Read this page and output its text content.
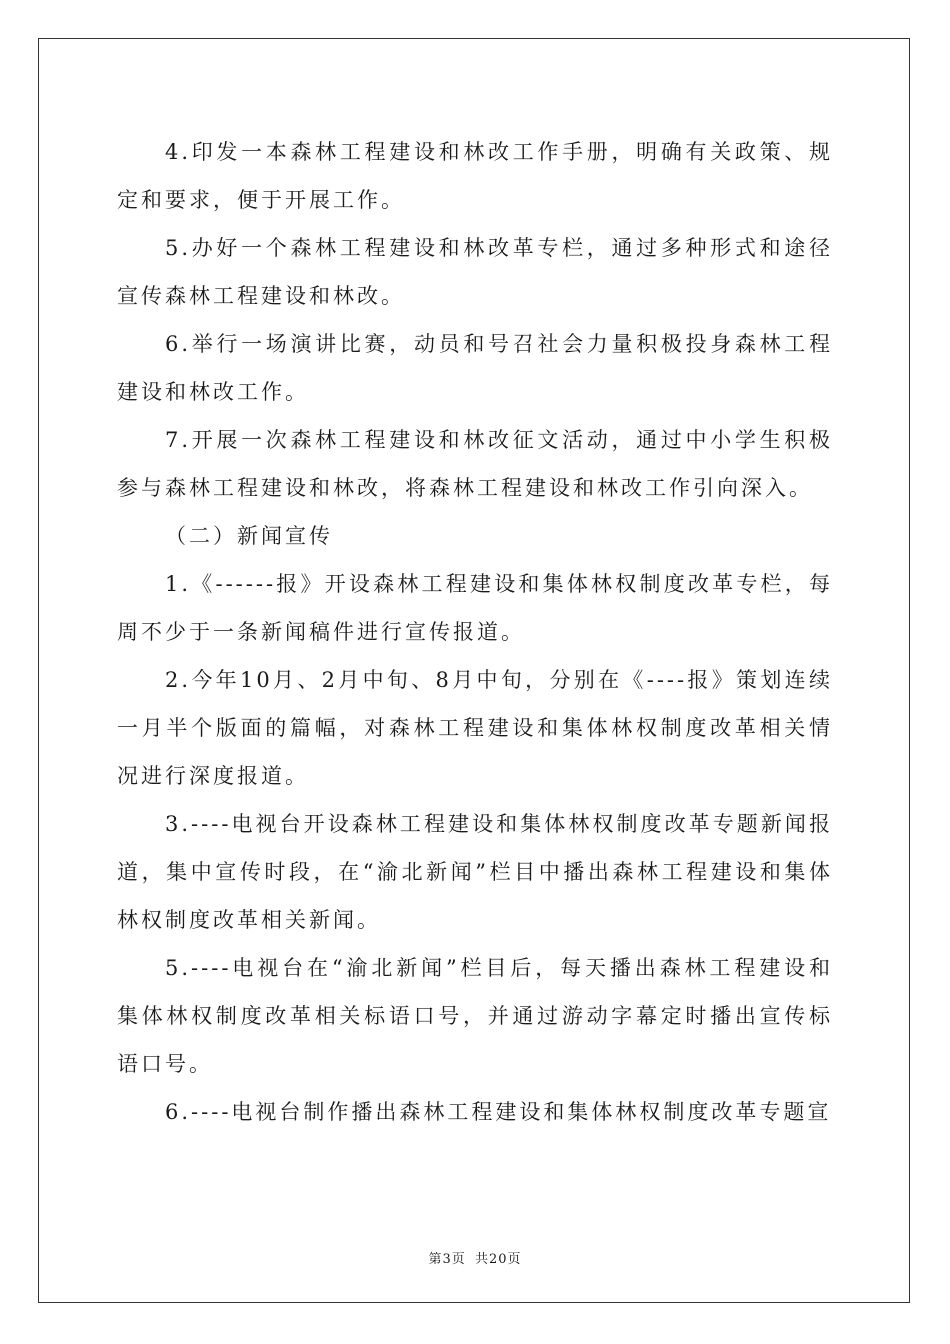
4.印发一本森林工程建设和林改工作手册，明确有关政策、规定和要求，便于开展工作。

5.办好一个森林工程建设和林改革专栏，通过多种形式和途径宣传森林工程建设和林改。

6.举行一场演讲比赛，动员和号召社会力量积极投身森林工程建设和林改工作。

7.开展一次森林工程建设和林改征文活动，通过中小学生积极参与森林工程建设和林改，将森林工程建设和林改工作引向深入。

（二）新闻宣传

1.《------报》开设森林工程建设和集体林权制度改革专栏，每周不少于一条新闻稿件进行宣传报道。

2.今年10月、2月中旬、8月中旬，分别在《----报》策划连续一月半个版面的篇幅，对森林工程建设和集体林权制度改革相关情况进行深度报道。

3.----电视台开设森林工程建设和集体林权制度改革专题新闻报道，集中宣传时段，在“渝北新闻”栏目中播出森林工程建设和集体林权制度改革相关新闻。

5.----电视台在“渝北新闻”栏目后，每天播出森林工程建设和集体林权制度改革相关标语口号，并通过游动字幕定时播出宣传标语口号。

6.----电视台制作播出森林工程建设和集体林权制度改革专题宣

第3页 共20页
